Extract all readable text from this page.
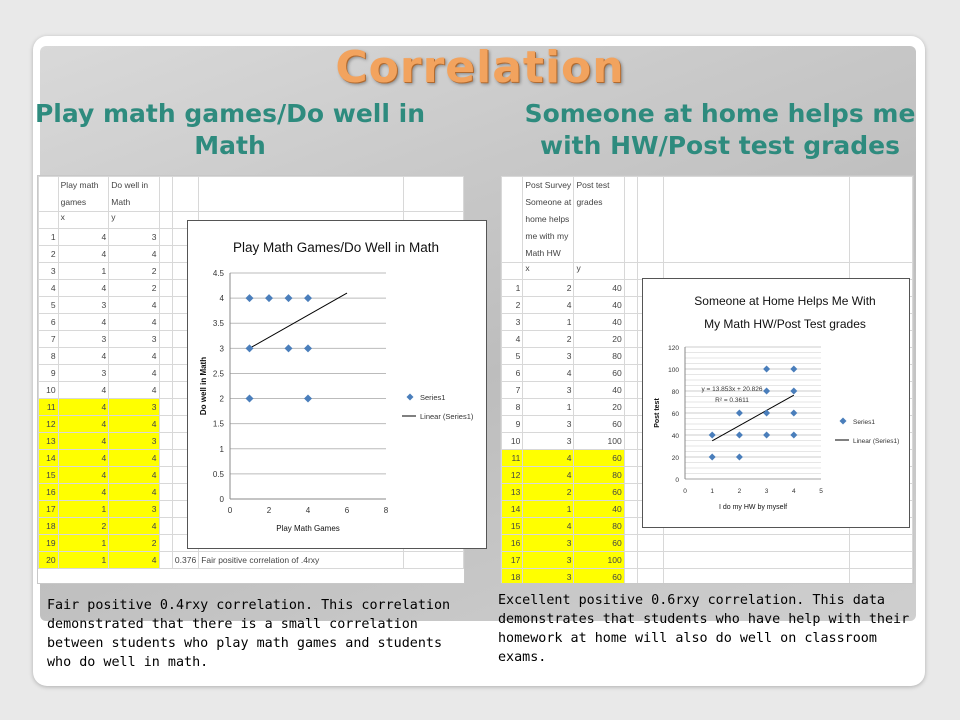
Correlation
Play math games/Do well in Math
Someone at home helps me with HW/Post test grades
	Play math games	Do well in Math				
	x	y				
1	4	3				
2	4	4				
3	1	2				
4	4	2				
5	3	4				
6	4	4				
7	3	3				
8	4	4				
9	3	4				
10	4	4				
11	4	3				
12	4	4				
13	4	3				
14	4	4				
15	4	4				
16	4	4				
17	1	3				
18	2	4				
19	1	2				
20	1	4		0.376	Fair positive correlation of .4rxy	
Play Math Games/Do Well in Math
0
0.5
1
1.5
2
2.5
3
3.5
4
4.5
0	2	4	6	8
Play Math Games
Do well in Math	Series1
Linear (Series1)
	Post Survey Someone at home helps me with my Math HW	Post test grades				
	x	y				
1	2	40				
2	4	40				
3	1	40				
4	2	20				
5	3	80				
6	4	60				
7	3	40				
8	1	20				
9	3	60				
10	3	100				
11	4	60				
12	4	80				
13	2	60				
14	1	40				
15	4	80				
16	3	60				
17	3	100				
18	3	60				

Someone at Home Helps Me With
My Math HW/Post Test grades
0
20
40
60
80
100
120
0	1	2	3	4	5
I do my HW by myself
Post test
y = 13.853x + 20.826
R² = 0.3611
Series1
Linear (Series1)
Fair positive 0.4rxy correlation. This correlation demonstrated that there is a small correlation between students who play math games and students who do well in math.
Excellent positive 0.6rxy correlation. This data demonstrates that students who have help with their homework at home will also do well on classroom exams.
